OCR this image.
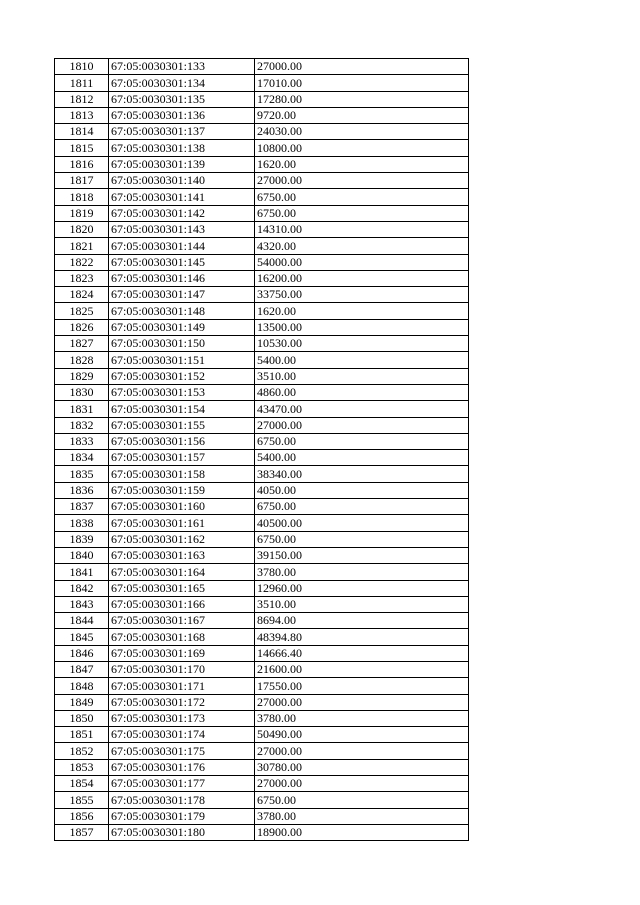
1810	67:05:0030301:133	27000.00
1811	67:05:0030301:134	17010.00
1812	67:05:0030301:135	17280.00
1813	67:05:0030301:136	9720.00
1814	67:05:0030301:137	24030.00
1815	67:05:0030301:138	10800.00
1816	67:05:0030301:139	1620.00
1817	67:05:0030301:140	27000.00
1818	67:05:0030301:141	6750.00
1819	67:05:0030301:142	6750.00
1820	67:05:0030301:143	14310.00
1821	67:05:0030301:144	4320.00
1822	67:05:0030301:145	54000.00
1823	67:05:0030301:146	16200.00
1824	67:05:0030301:147	33750.00
1825	67:05:0030301:148	1620.00
1826	67:05:0030301:149	13500.00
1827	67:05:0030301:150	10530.00
1828	67:05:0030301:151	5400.00
1829	67:05:0030301:152	3510.00
1830	67:05:0030301:153	4860.00
1831	67:05:0030301:154	43470.00
1832	67:05:0030301:155	27000.00
1833	67:05:0030301:156	6750.00
1834	67:05:0030301:157	5400.00
1835	67:05:0030301:158	38340.00
1836	67:05:0030301:159	4050.00
1837	67:05:0030301:160	6750.00
1838	67:05:0030301:161	40500.00
1839	67:05:0030301:162	6750.00
1840	67:05:0030301:163	39150.00
1841	67:05:0030301:164	3780.00
1842	67:05:0030301:165	12960.00
1843	67:05:0030301:166	3510.00
1844	67:05:0030301:167	8694.00
1845	67:05:0030301:168	48394.80
1846	67:05:0030301:169	14666.40
1847	67:05:0030301:170	21600.00
1848	67:05:0030301:171	17550.00
1849	67:05:0030301:172	27000.00
1850	67:05:0030301:173	3780.00
1851	67:05:0030301:174	50490.00
1852	67:05:0030301:175	27000.00
1853	67:05:0030301:176	30780.00
1854	67:05:0030301:177	27000.00
1855	67:05:0030301:178	6750.00
1856	67:05:0030301:179	3780.00
1857	67:05:0030301:180	18900.00
